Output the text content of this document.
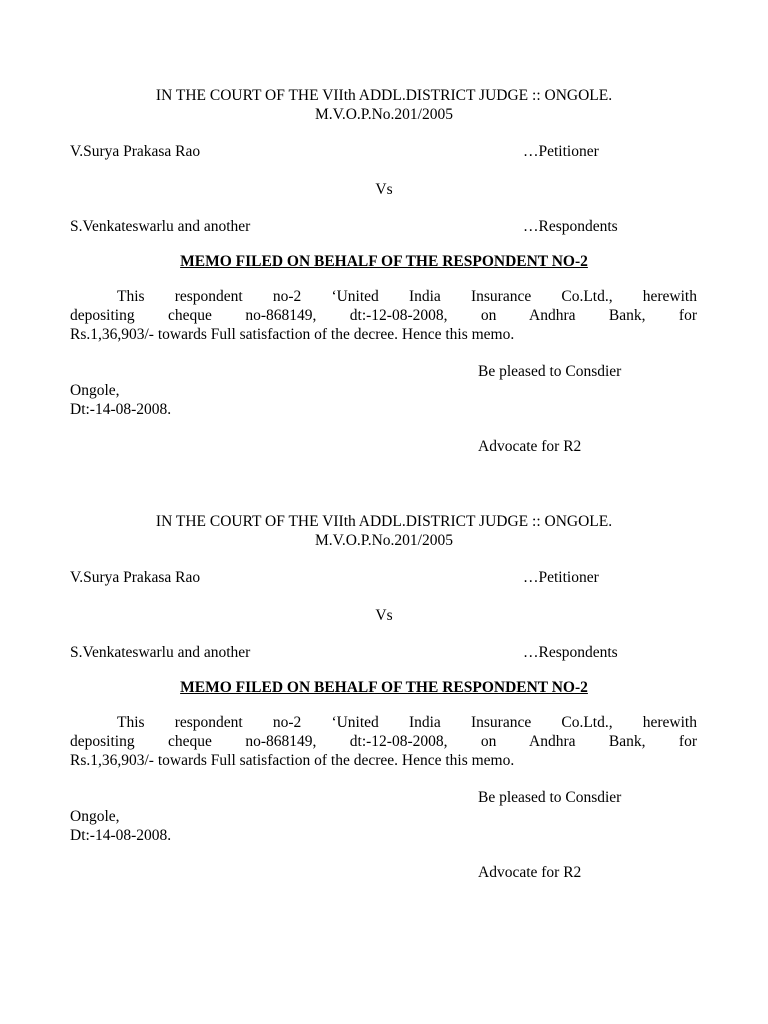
IN THE COURT OF THE VIIth ADDL.DISTRICT JUDGE :: ONGOLE.
M.V.O.P.No.201/2005
V.Surya Prakasa Rao	…Petitioner
Vs
S.Venkateswarlu and another	…Respondents
MEMO FILED ON BEHALF OF THE RESPONDENT NO-2
This respondent no-2 ‘United India Insurance Co.Ltd., herewith
depositing cheque no-868149, dt:-12-08-2008, on Andhra Bank, for
Rs.1,36,903/- towards Full satisfaction of the decree. Hence this memo.
Be pleased to Consdier
Ongole,
Dt:-14-08-2008.
Advocate for R2
IN THE COURT OF THE VIIth ADDL.DISTRICT JUDGE :: ONGOLE.
M.V.O.P.No.201/2005
V.Surya Prakasa Rao	…Petitioner
Vs
S.Venkateswarlu and another	…Respondents
MEMO FILED ON BEHALF OF THE RESPONDENT NO-2
This respondent no-2 ‘United India Insurance Co.Ltd., herewith
depositing cheque no-868149, dt:-12-08-2008, on Andhra Bank, for
Rs.1,36,903/- towards Full satisfaction of the decree. Hence this memo.
Be pleased to Consdier
Ongole,
Dt:-14-08-2008.
Advocate for R2
